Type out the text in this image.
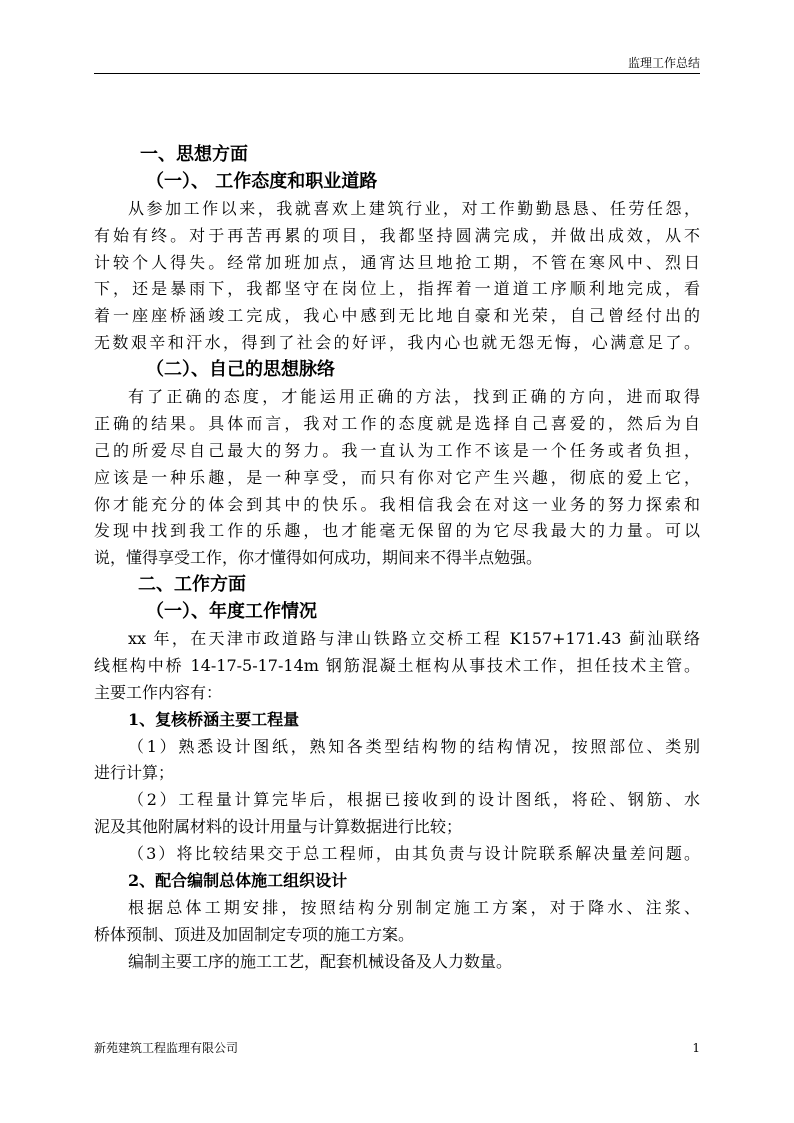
监理工作总结
一、思想方面
（一）、 工作态度和职业道路
从参加工作以来，我就喜欢上建筑行业，对工作勤勤恳恳、任劳任怨，
有始有终。对于再苦再累的项目，我都坚持圆满完成，并做出成效，从不
计较个人得失。经常加班加点，通宵达旦地抢工期，不管在寒风中、烈日
下，还是暴雨下，我都坚守在岗位上，指挥着一道道工序顺利地完成，看
着一座座桥涵竣工完成，我心中感到无比地自豪和光荣，自己曾经付出的
无数艰辛和汗水，得到了社会的好评，我内心也就无怨无悔，心满意足了。
（二）、自己的思想脉络
有了正确的态度，才能运用正确的方法，找到正确的方向，进而取得
正确的结果。具体而言，我对工作的态度就是选择自己喜爱的，然后为自
己的所爱尽自己最大的努力。我一直认为工作不该是一个任务或者负担，
应该是一种乐趣，是一种享受，而只有你对它产生兴趣，彻底的爱上它，
你才能充分的体会到其中的快乐。我相信我会在对这一业务的努力探索和
发现中找到我工作的乐趣，也才能毫无保留的为它尽我最大的力量。可以
说，懂得享受工作，你才懂得如何成功，期间来不得半点勉强。
二、工作方面
（一）、年度工作情况
xx 年，在天津市政道路与津山铁路立交桥工程 K157+171.43 蓟汕联络
线框构中桥 14-17-5-17-14m 钢筋混凝土框构从事技术工作，担任技术主管。
主要工作内容有：
1、复核桥涵主要工程量
（1）熟悉设计图纸，熟知各类型结构物的结构情况，按照部位、类别
进行计算；
（2）工程量计算完毕后，根据已接收到的设计图纸，将砼、钢筋、水
泥及其他附属材料的设计用量与计算数据进行比较；
（3）将比较结果交于总工程师，由其负责与设计院联系解决量差问题。
2、配合编制总体施工组织设计
根据总体工期安排，按照结构分别制定施工方案，对于降水、注浆、
桥体预制、顶进及加固制定专项的施工方案。
编制主要工序的施工工艺，配套机械设备及人力数量。
新苑建筑工程监理有限公司	1
